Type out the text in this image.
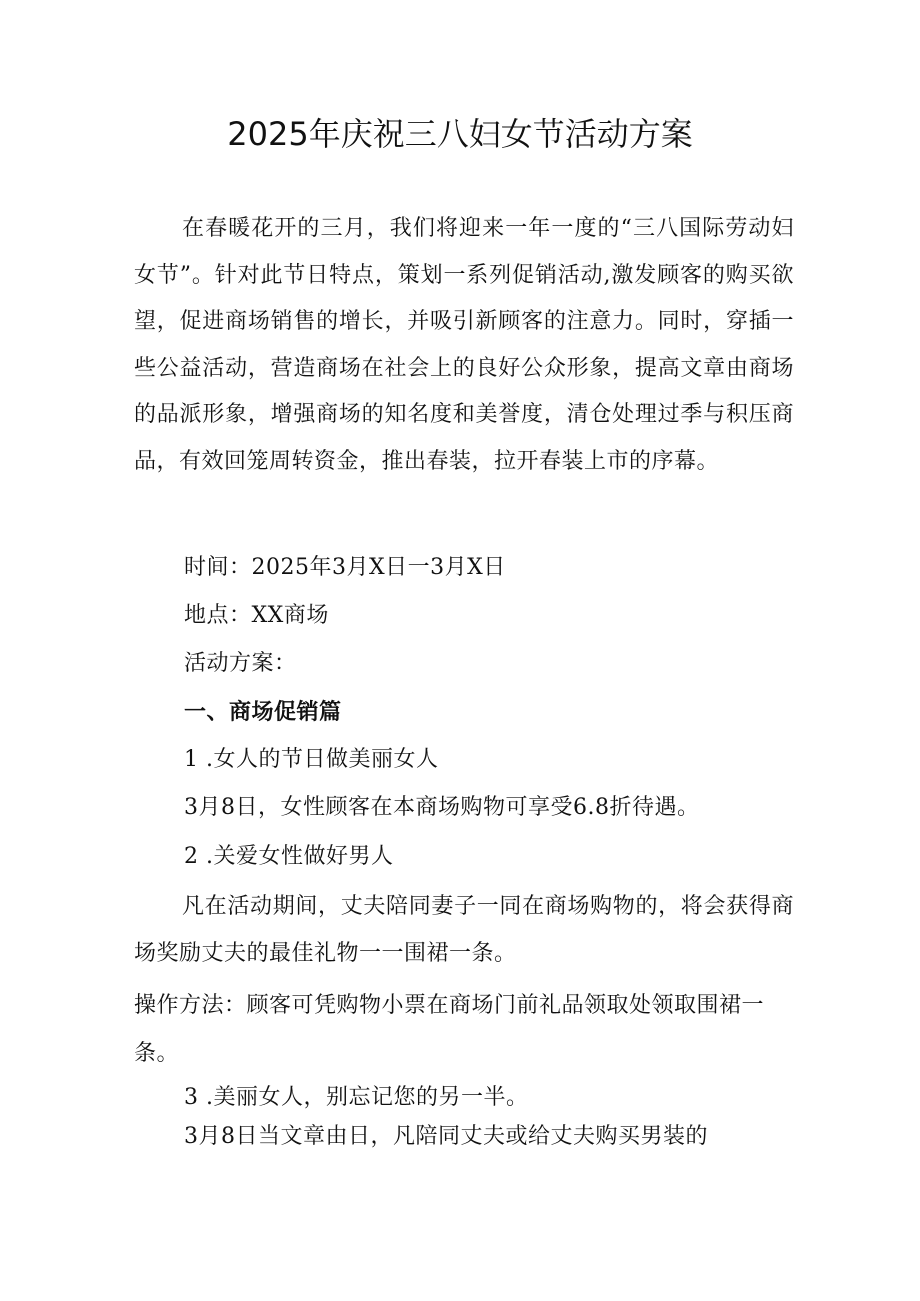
2025年庆祝三八妇女节活动方案

在春暖花开的三月，我们将迎来一年一度的“三八国际劳动妇女节”。针对此节日特点，策划一系列促销活动,激发顾客的购买欲望，促进商场销售的增长，并吸引新顾客的注意力。同时，穿插一些公益活动，营造商场在社会上的良好公众形象，提高文章由商场的品派形象，增强商场的知名度和美誉度，清仓处理过季与积压商品，有效回笼周转资金，推出春装，拉开春装上市的序幕。

时间：2025年3月X日一3月X日

地点：XX商场

活动方案：

一、商场促销篇

1 .女人的节日做美丽女人

3月8日，女性顾客在本商场购物可享受6.8折待遇。

2 .关爱女性做好男人

凡在活动期间，丈夫陪同妻子一同在商场购物的，将会获得商场奖励丈夫的最佳礼物一一围裙一条。

操作方法：顾客可凭购物小票在商场门前礼品领取处领取围裙一条。

3 .美丽女人，别忘记您的另一半。

3月8日当文章由日，凡陪同丈夫或给丈夫购买男装的
